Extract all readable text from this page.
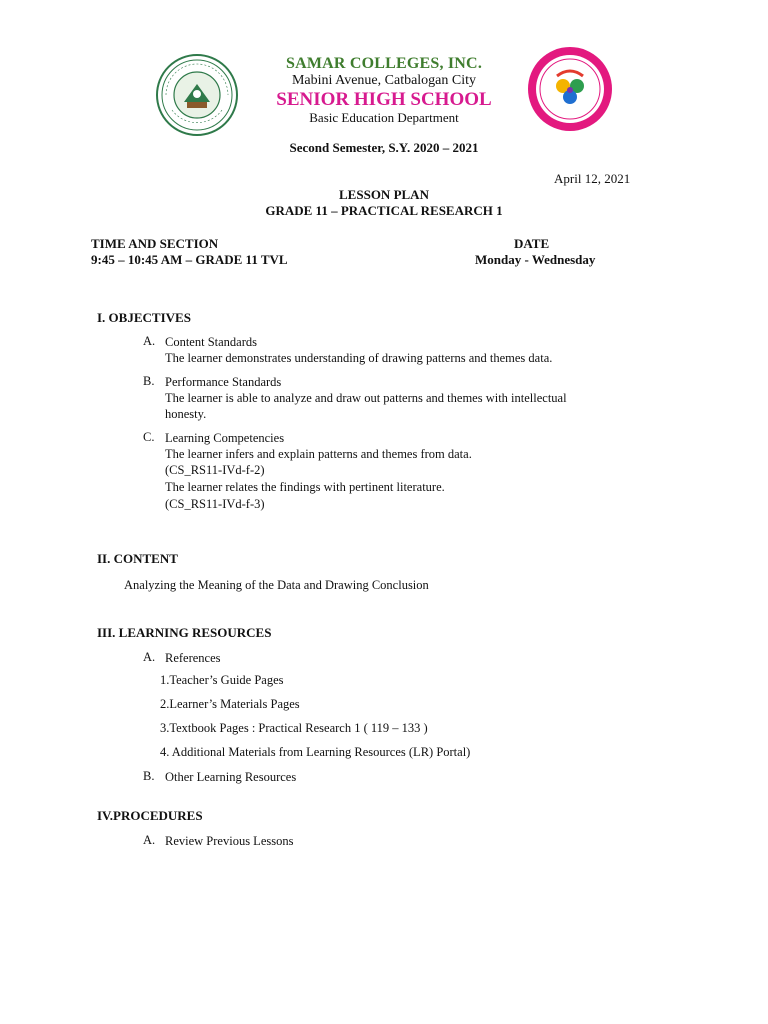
SAMAR COLLEGES, INC.
Mabini Avenue, Catbalogan City
SENIOR HIGH SCHOOL
Basic Education Department
Second Semester, S.Y. 2020 – 2021
April 12, 2021
LESSON PLAN
GRADE 11 – PRACTICAL RESEARCH 1
TIME AND SECTION
9:45 – 10:45 AM – GRADE 11 TVL
DATE
Monday - Wednesday
I. OBJECTIVES
A. Content Standards
The learner demonstrates understanding of drawing patterns and themes data.
B. Performance Standards
The learner is able to analyze and draw out patterns and themes with intellectual
honesty.
C. Learning Competencies
The learner infers and explain patterns and themes from data.
(CS_RS11-IVd-f-2)
The learner relates the findings with pertinent literature.
(CS_RS11-IVd-f-3)
II. CONTENT
Analyzing the Meaning of the Data and Drawing Conclusion
III. LEARNING RESOURCES
A. References
1.Teacher’s Guide Pages
2.Learner’s Materials Pages
3.Textbook Pages : Practical Research 1 ( 119 – 133 )
4. Additional Materials from Learning Resources (LR) Portal)
B. Other Learning Resources
IV.PROCEDURES
A. Review Previous Lessons
